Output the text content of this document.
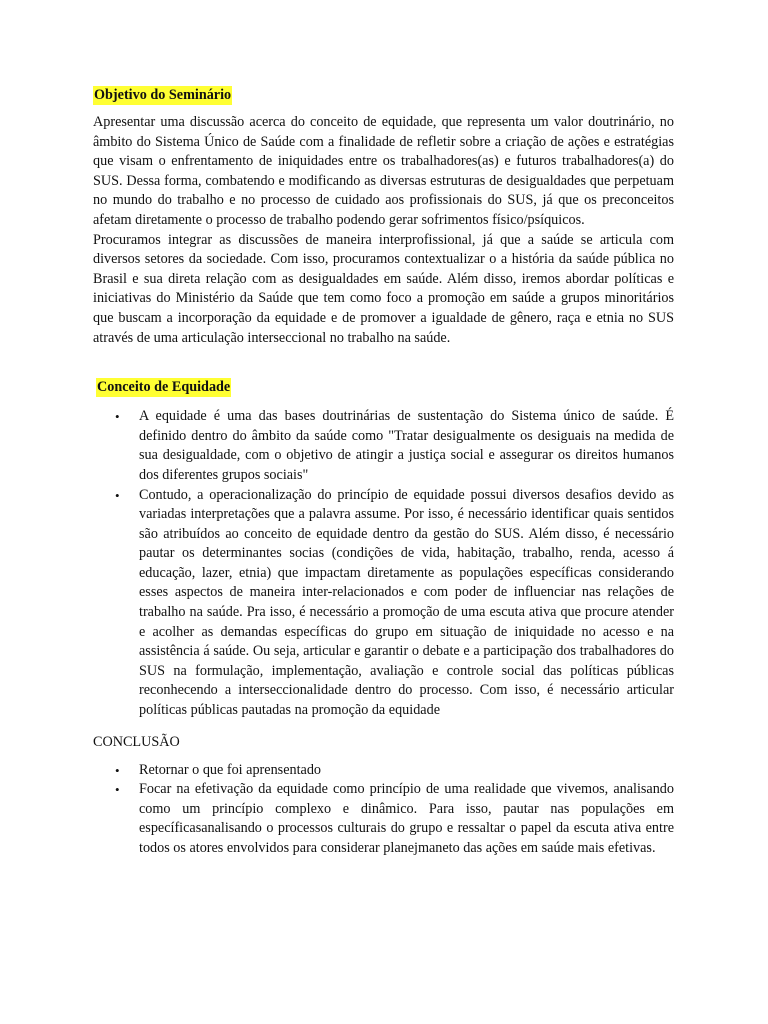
Objetivo do Seminário

Apresentar uma discussão acerca do conceito de equidade, que representa um valor doutrinário, no âmbito do Sistema Único de Saúde com a finalidade de refletir sobre a criação de ações e estratégias que visam o enfrentamento de iniquidades entre os trabalhadores(as) e futuros trabalhadores(a) do SUS. Dessa forma, combatendo e modificando as diversas estruturas de desigualdades que perpetuam no mundo do trabalho e no processo de cuidado aos profissionais do SUS, já que os preconceitos afetam diretamente o processo de trabalho podendo gerar sofrimentos físico/psíquicos.

Procuramos integrar as discussões de maneira interprofissional, já que a saúde se articula com diversos setores da sociedade. Com isso, procuramos contextualizar o a história da saúde pública no Brasil e sua direta relação com as desigualdades em saúde. Além disso, iremos abordar políticas e iniciativas do Ministério da Saúde que tem como foco a promoção em saúde a grupos minoritários que buscam a incorporação da equidade e de promover a igualdade de gênero, raça e etnia no SUS através de uma articulação interseccional no trabalho na saúde.

Conceito de Equidade
• A equidade é uma das bases doutrinárias de sustentação do Sistema único de saúde. É definido dentro do âmbito da saúde como "Tratar desigualmente os desiguais na medida de sua desigualdade, com o objetivo de atingir a justiça social e assegurar os direitos humanos dos diferentes grupos sociais"
• Contudo, a operacionalização do princípio de equidade possui diversos desafios devido as variadas interpretações que a palavra assume. Por isso, é necessário identificar quais sentidos são atribuídos ao conceito de equidade dentro da gestão do SUS. Além disso, é necessário pautar os determinantes socias (condições de vida, habitação, trabalho, renda, acesso á educação, lazer, etnia) que impactam diretamente as populações específicas considerando esses aspectos de maneira inter-relacionados e com poder de influenciar nas relações de trabalho na saúde. Pra isso, é necessário a promoção de uma escuta ativa que procure atender e acolher as demandas específicas do grupo em situação de iniquidade no acesso e na assistência á saúde. Ou seja, articular e garantir o debate e a participação dos trabalhadores do SUS na formulação, implementação, avaliação e controle social das políticas públicas reconhecendo a interseccionalidade dentro do processo. Com isso, é necessário articular políticas públicas pautadas na promoção da equidade
CONCLUSÃO
• Retornar o que foi aprensentado
• Focar na efetivação da equidade como princípio de uma realidade que vivemos, analisando como um princípio complexo e dinâmico. Para isso, pautar nas populações em específicasanalisando o processos culturais do grupo e ressaltar o papel da escuta ativa entre todos os atores envolvidos para considerar planejmaneto das ações em saúde mais efetivas.
